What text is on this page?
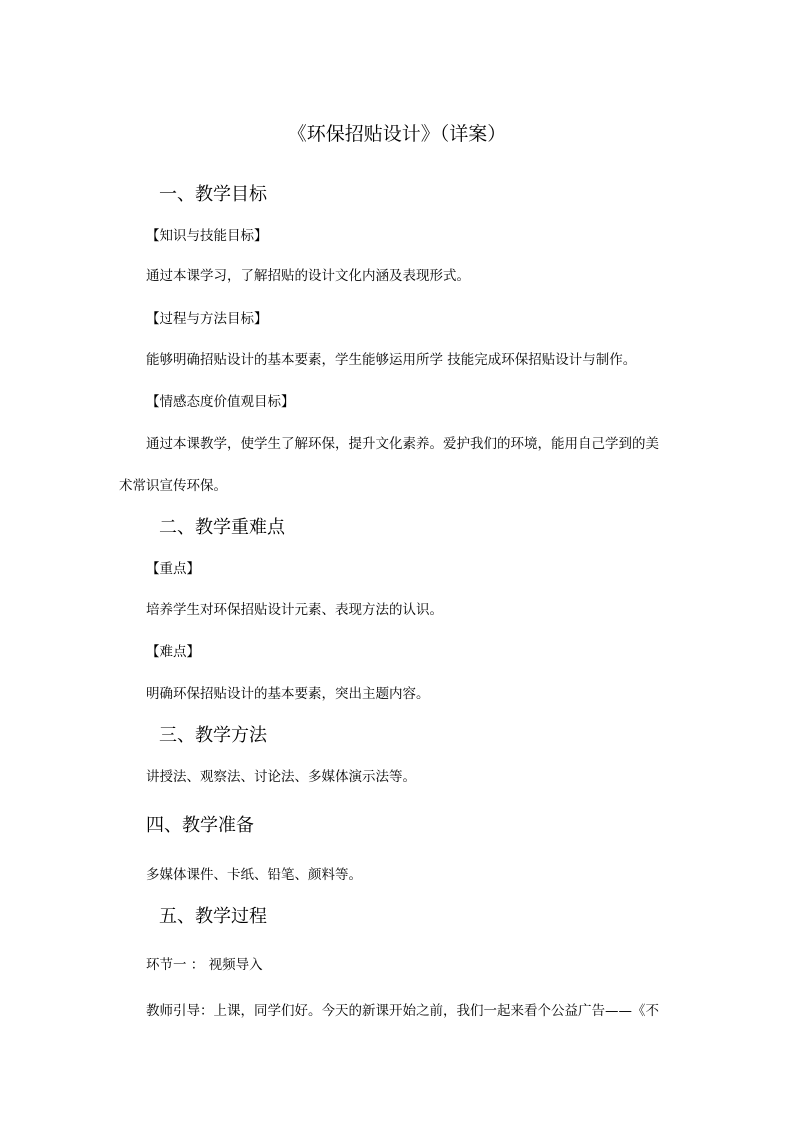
《环保招贴设计》（详案）
一、教学目标
【知识与技能目标】
通过本课学习，了解招贴的设计文化内涵及表现形式。
【过程与方法目标】
能够明确招贴设计的基本要素，学生能够运用所学 技能完成环保招贴设计与制作。
【情感态度价值观目标】
通过本课教学，使学生了解环保，提升文化素养。爱护我们的环境，能用自己学到的美
术常识宣传环保。
二、教学重难点
【重点】
培养学生对环保招贴设计元素、表现方法的认识。
【难点】
明确环保招贴设计的基本要素，突出主题内容。
三、教学方法
讲授法、观察法、讨论法、多媒体演示法等。
四、教学准备
多媒体课件、卡纸、铅笔、颜料等。
五、教学过程
环节一 ： 视频导入
教师引导：上课，同学们好。今天的新课开始之前，我们一起来看个公益广告——《不
